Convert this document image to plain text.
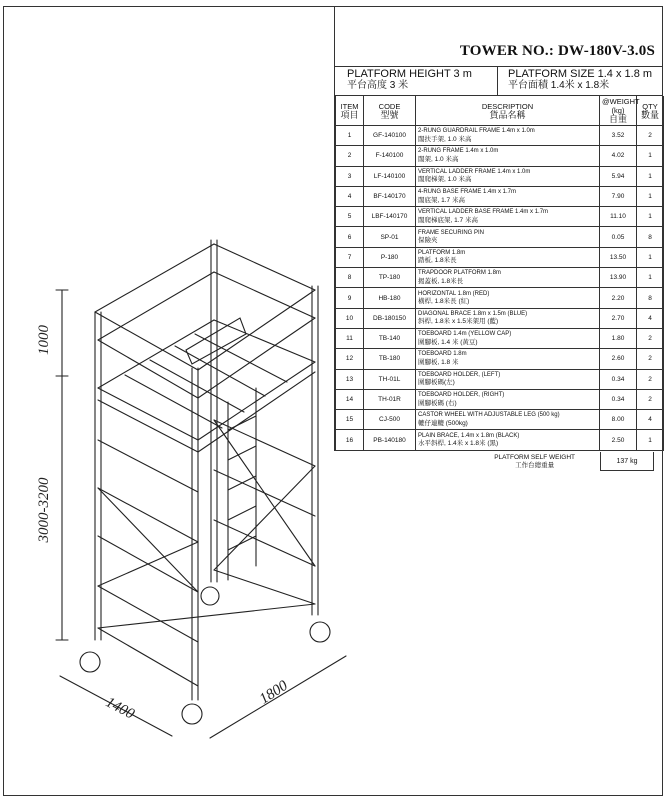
1000
3000-3200
1400
1800
TOWER NO.: DW-180V-3.0S
PLATFORM HEIGHT 3 m
平台高度 3 米
PLATFORM SIZE 1.4 x 1.8 m
平台面積 1.4米 x 1.8米
ITEM
項目	CODE
型號	DESCRIPTION
貨品名稱	@WEIGHT
(kg)
自重	QTY
數量

1	GF-140100	2-RUNG GUARDRAIL FRAME 1.4m x 1.0m
闊扶手架, 1.0 米高	3.52	2
2	F-140100	2-RUNG FRAME 1.4m x 1.0m
闊架, 1.0 米高	4.02	1
3	LF-140100	VERTICAL LADDER FRAME 1.4m x 1.0m
闊爬梯架, 1.0 米高	5.94	1
4	BF-140170	4-RUNG BASE FRAME 1.4m x 1.7m
闊底架, 1.7 米高	7.90	1
5	LBF-140170	VERTICAL LADDER BASE FRAME 1.4m x 1.7m
闊爬梯底架, 1.7 米高	11.10	1
6	SP-01	FRAME SECURING PIN
保險夾	0.05	8
7	P-180	PLATFORM 1.8m
踏板, 1.8米長	13.50	1
8	TP-180	TRAPDOOR PLATFORM 1.8m
揭蓋板, 1.8米長	13.90	1
9	HB-180	HORIZONTAL 1.8m (RED)
橫桿, 1.8米長 (紅)	2.20	8
10	DB-180150	DIAGONAL BRACE 1.8m x 1.5m (BLUE)
斜桿, 1.8米 x 1.5米架用 (藍)	2.70	4
11	TB-140	TOEBOARD 1.4m (YELLOW CAP)
圍腳板, 1.4 米 (黃豆)	1.80	2
12	TB-180	TOEBOARD 1.8m
圍腳板, 1.8 米	2.60	2
13	TH-01L	TOEBOARD HOLDER, (LEFT)
圍腳板碼(左)	0.34	2
14	TH-01R	TOEBOARD HOLDER, (RIGHT)
圍腳板碼 (右)	0.34	2
15	CJ-500	CASTOR WHEEL WITH ADJUSTABLE LEG (500 kg)
轆仔連轆 (500kg)	8.00	4
16	PB-140180	PLAIN BRACE, 1.4m x 1.8m (BLACK)
水平斜桿, 1.4米 x 1.8米 (黑)	2.50	1
PLATFORM SELF WEIGHT
工作台總重量
137 kg
